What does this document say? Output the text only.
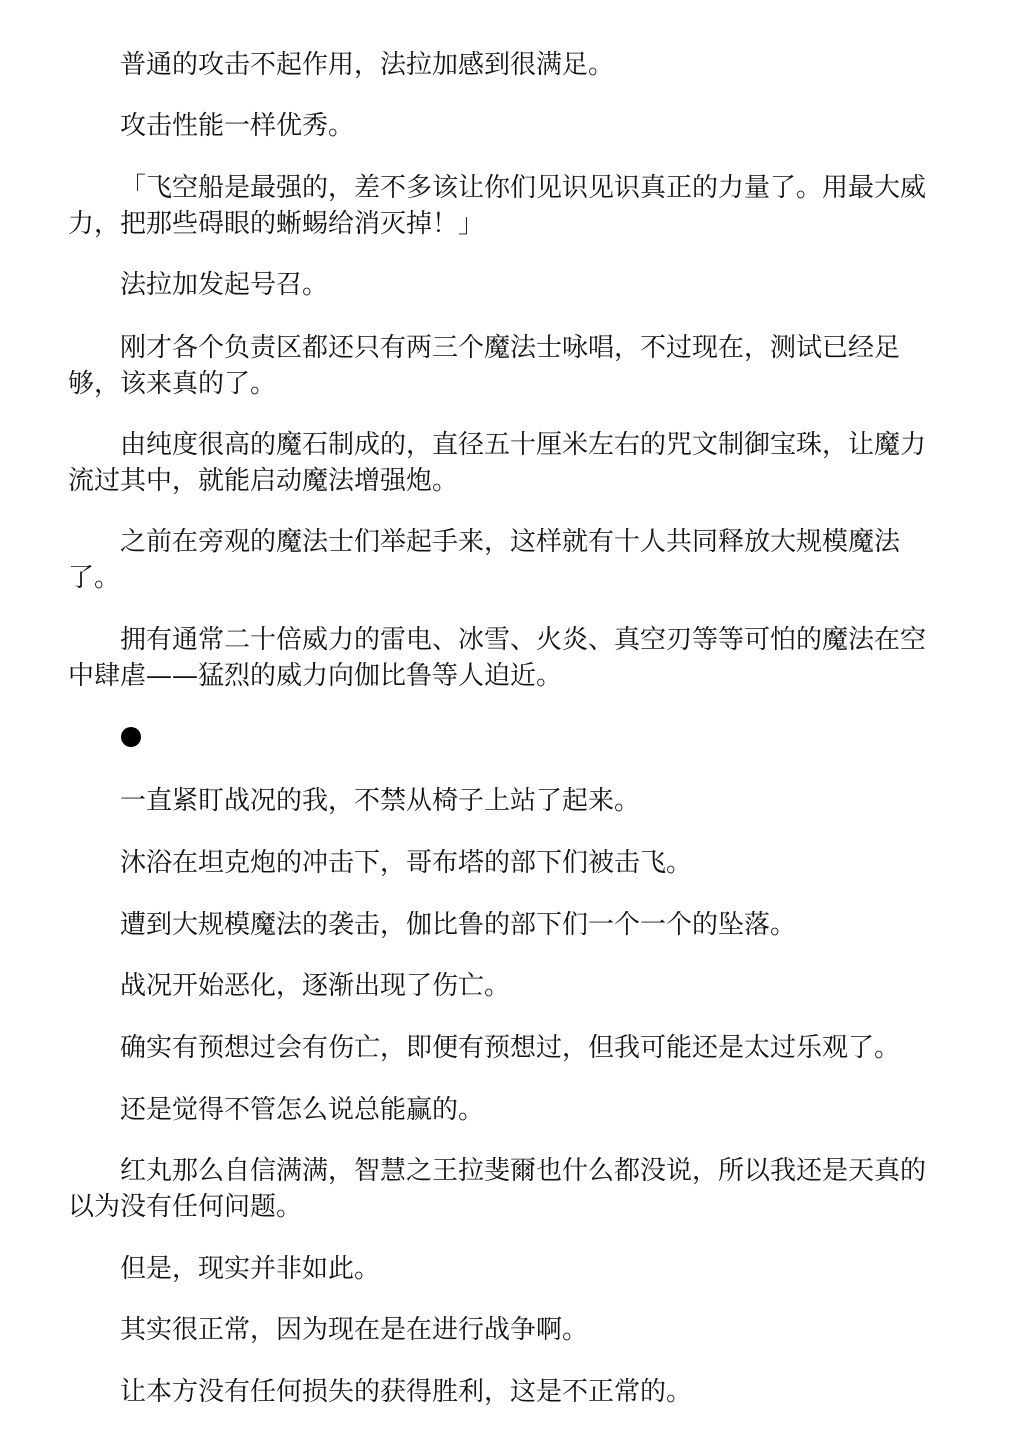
普通的攻击不起作用，法拉加感到很满足。

攻击性能一样优秀。

「飞空船是最强的，差不多该让你们见识见识真正的力量了。用最大威力，把那些碍眼的蜥蜴给消灭掉！」

法拉加发起号召。

刚才各个负责区都还只有两三个魔法士咏唱，不过现在，测试已经足够，该来真的了。

由纯度很高的魔石制成的，直径五十厘米左右的咒文制御宝珠，让魔力流过其中，就能启动魔法增强炮。

之前在旁观的魔法士们举起手来，这样就有十人共同释放大规模魔法了。

拥有通常二十倍威力的雷电、冰雪、火炎、真空刃等等可怕的魔法在空中肆虐——猛烈的威力向伽比鲁等人迫近。

一直紧盯战况的我，不禁从椅子上站了起来。

沐浴在坦克炮的冲击下，哥布塔的部下们被击飞。

遭到大规模魔法的袭击，伽比鲁的部下们一个一个的坠落。

战况开始恶化，逐渐出现了伤亡。

确实有预想过会有伤亡，即便有预想过，但我可能还是太过乐观了。

还是觉得不管怎么说总能赢的。

红丸那么自信满满，智慧之王拉斐爾也什么都没说，所以我还是天真的以为没有任何问题。

但是，现实并非如此。

其实很正常，因为现在是在进行战争啊。

让本方没有任何损失的获得胜利，这是不正常的。
